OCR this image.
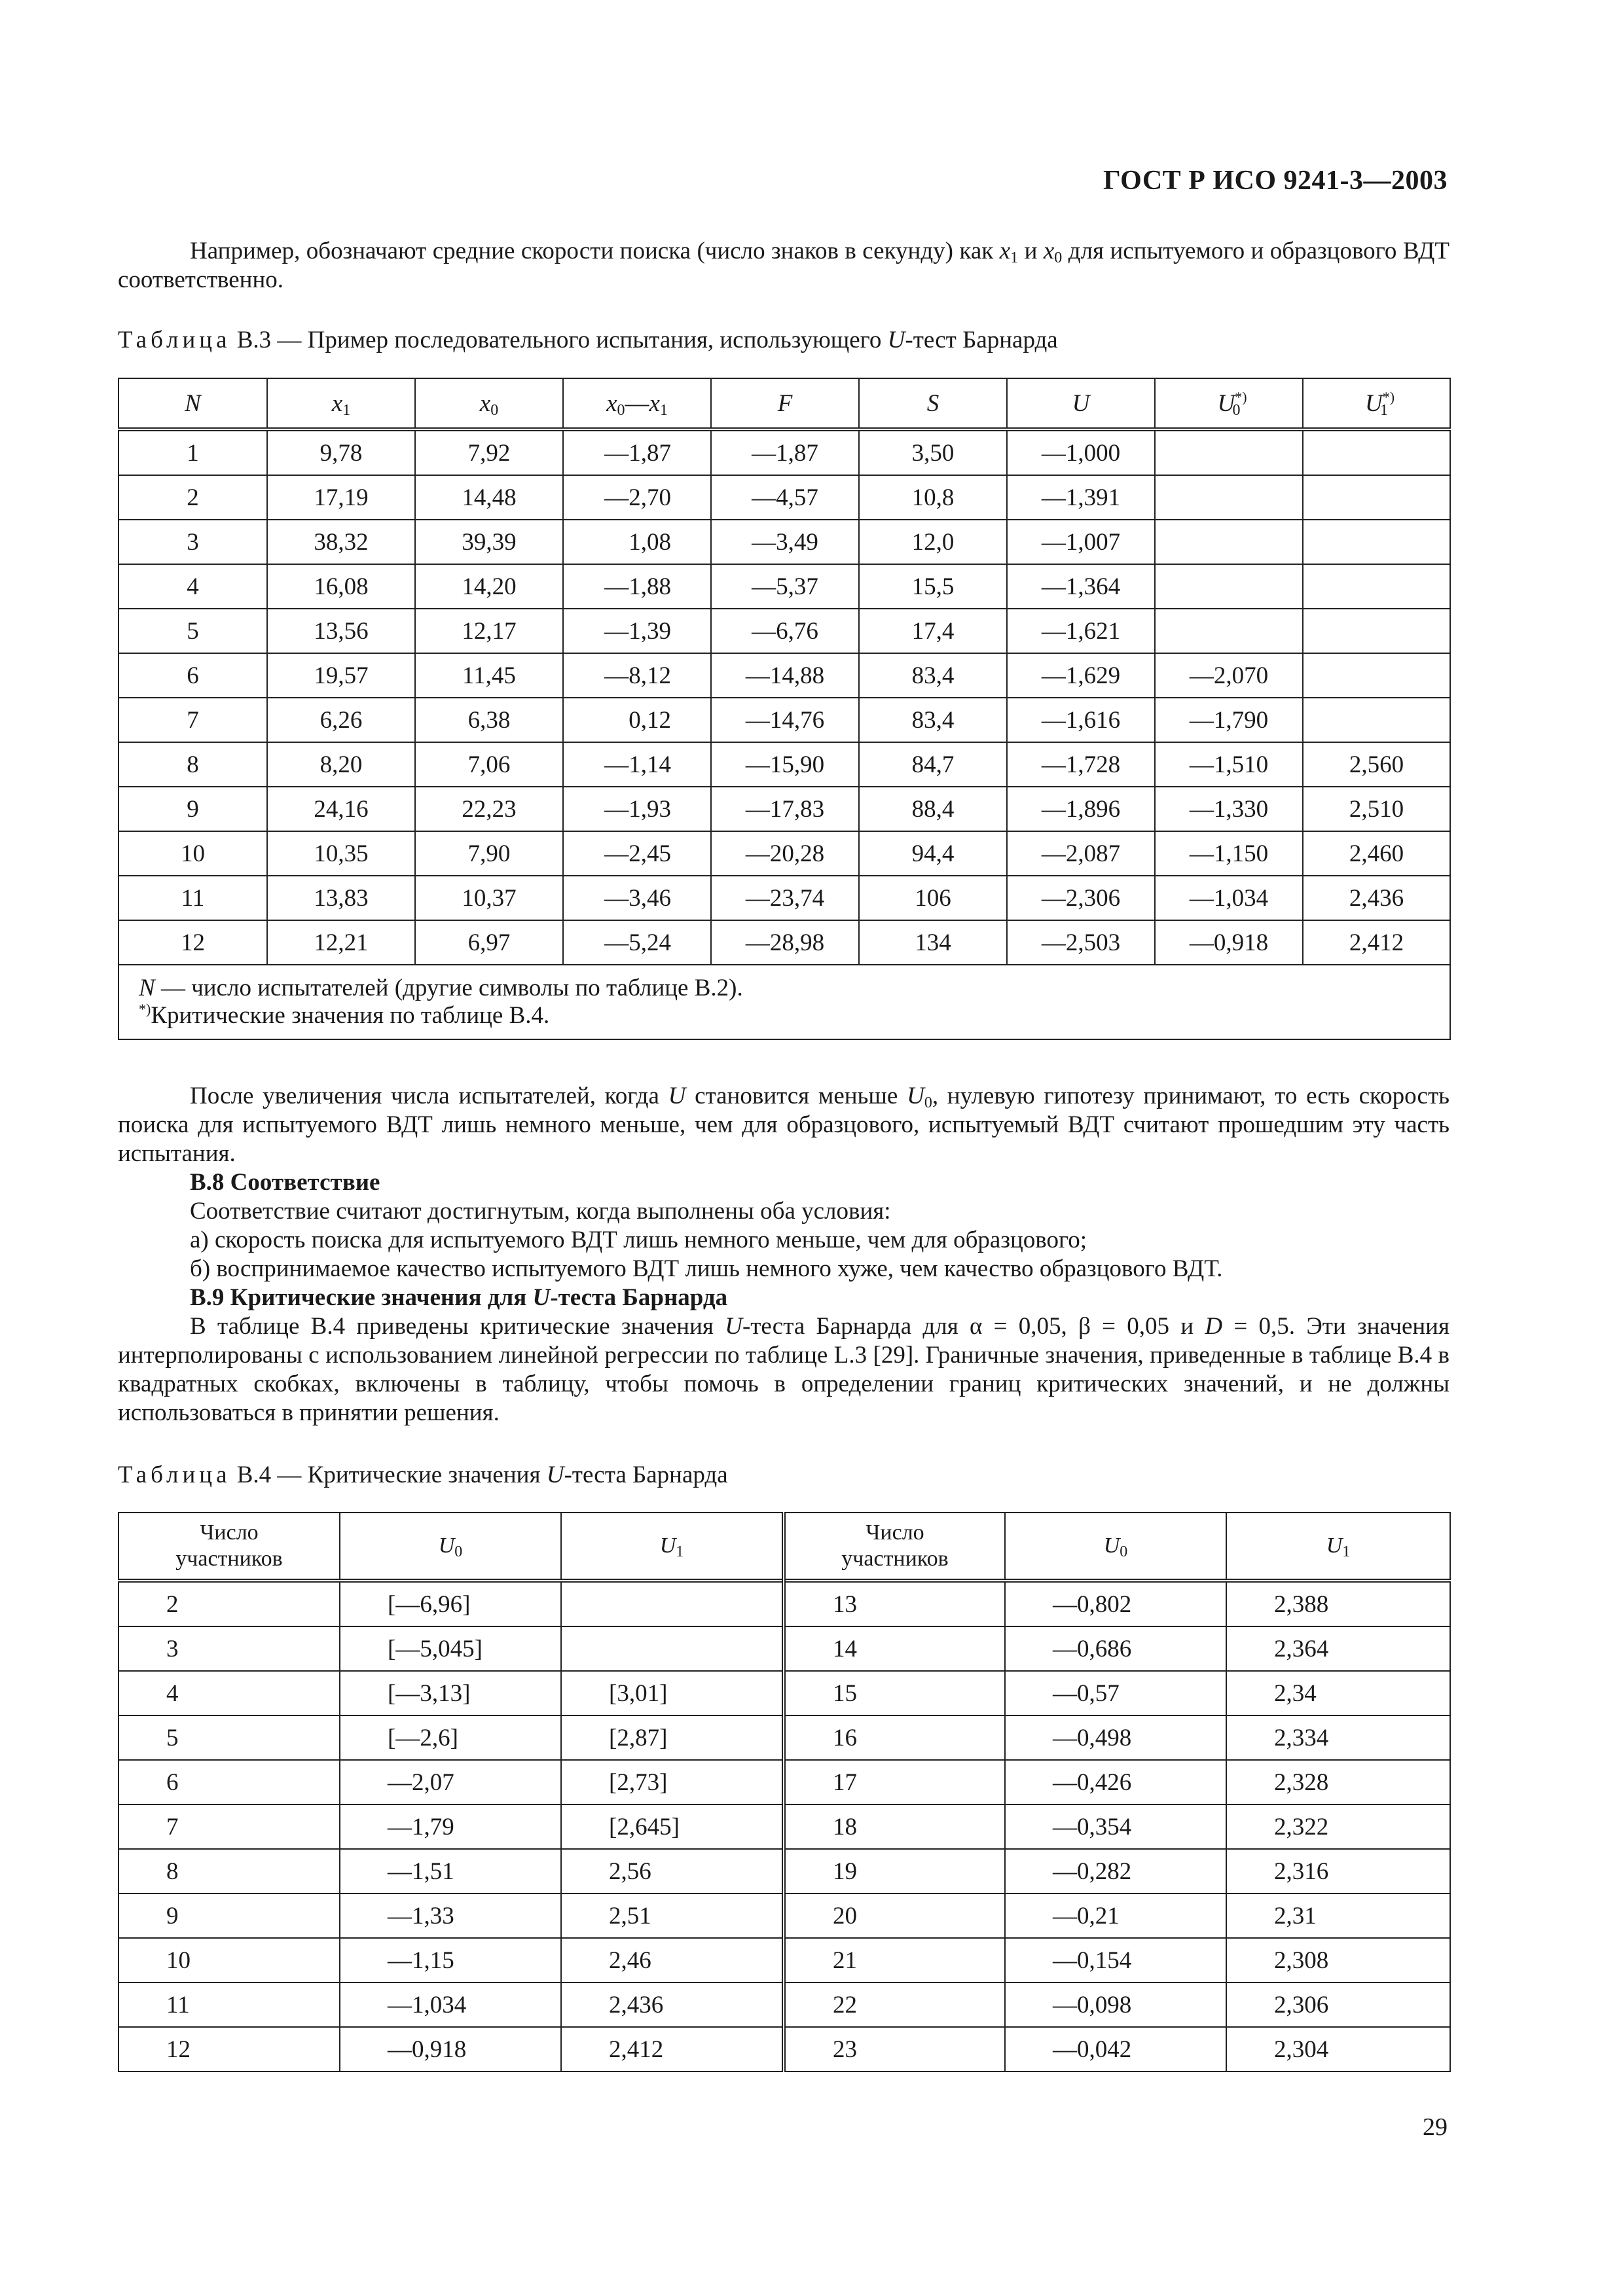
ГОСТ Р ИСО 9241-3—2003
Например, обозначают средние скорости поиска (число знаков в секунду) как $x_1$ и $x_0$ для испытуемого и образцового ВДТ соответственно.
Таблица В.3 — Пример последовательного испытания, использующего U-тест Барнарда
N	$x_1$	$x_0$	$x_0—x_1$	F	S	U	$U^{*)}_0$	$U^{*)}_1$
1	9,78	7,92	—1,87	—1,87	3,50	—1,000		
2	17,19	14,48	—2,70	—4,57	10,8	—1,391		
3	38,32	39,39	1,08	—3,49	12,0	—1,007		
4	16,08	14,20	—1,88	—5,37	15,5	—1,364		
5	13,56	12,17	—1,39	—6,76	17,4	—1,621		
6	19,57	11,45	—8,12	—14,88	83,4	—1,629	—2,070	
7	6,26	6,38	0,12	—14,76	83,4	—1,616	—1,790	
8	8,20	7,06	—1,14	—15,90	84,7	—1,728	—1,510	2,560
9	24,16	22,23	—1,93	—17,83	88,4	—1,896	—1,330	2,510
10	10,35	7,90	—2,45	—20,28	94,4	—2,087	—1,150	2,460
11	13,83	10,37	—3,46	—23,74	106	—2,306	—1,034	2,436
12	12,21	6,97	—5,24	—28,98	134	—2,503	—0,918	2,412
N — число испытателей (другие символы по таблице В.2).
*)Критические значения по таблице В.4.								
После увеличения числа испытателей, когда U становится меньше $U_0$, нулевую гипотезу принимают, то есть скорость поиска для испытуемого ВДТ лишь немного меньше, чем для образцового, испытуемый ВДТ считают прошедшим эту часть испытания.
В.8 Соответствие
Соответствие считают достигнутым, когда выполнены оба условия:
а) скорость поиска для испытуемого ВДТ лишь немного меньше, чем для образцового;
б) воспринимаемое качество испытуемого ВДТ лишь немного хуже, чем качество образцового ВДТ.
В.9 Критические значения для U-теста Барнарда
В таблице В.4 приведены критические значения U-теста Барнарда для α = 0,05, β = 0,05 и D = 0,5. Эти значения интерполированы с использованием линейной регрессии по таблице L.3 [29]. Граничные значения, приведенные в таблице В.4 в квадратных скобках, включены в таблицу, чтобы помочь в определении границ критических значений, и не должны использоваться в принятии решения.
Таблица В.4 — Критические значения U-теста Барнарда
Число
участников	$U_0$	$U_1$	Число
участников	$U_0$	$U_1$
2	[—6,96]		13	—0,802	2,388
3	[—5,045]		14	—0,686	2,364
4	[—3,13]	[3,01]	15	—0,57	2,34
5	[—2,6]	[2,87]	16	—0,498	2,334
6	—2,07	[2,73]	17	—0,426	2,328
7	—1,79	[2,645]	18	—0,354	2,322
8	—1,51	2,56	19	—0,282	2,316
9	—1,33	2,51	20	—0,21	2,31
10	—1,15	2,46	21	—0,154	2,308
11	—1,034	2,436	22	—0,098	2,306
12	—0,918	2,412	23	—0,042	2,304
29
